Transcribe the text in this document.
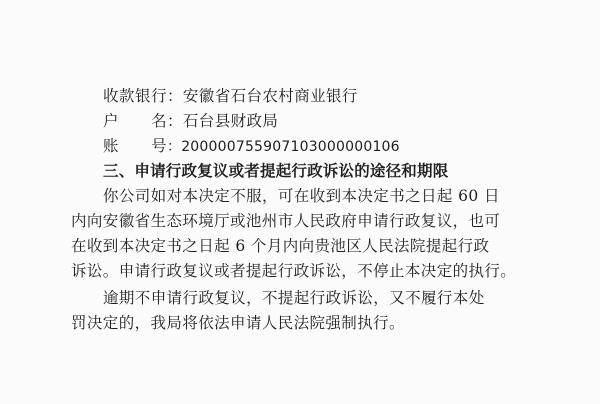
收款银行：安徽省石台农村商业银行
户名：石台县财政局
账号：200000755907103000000106
三、申请行政复议或者提起行政诉讼的途径和期限
你公司如对本决定不服，可在收到本决定书之日起 60 日
内向安徽省生态环境厅或池州市人民政府申请行政复议，也可
在收到本决定书之日起 6 个月内向贵池区人民法院提起行政
诉讼。申请行政复议或者提起行政诉讼，不停止本决定的执行。
逾期不申请行政复议，不提起行政诉讼，又不履行本处
罚决定的，我局将依法申请人民法院强制执行。
